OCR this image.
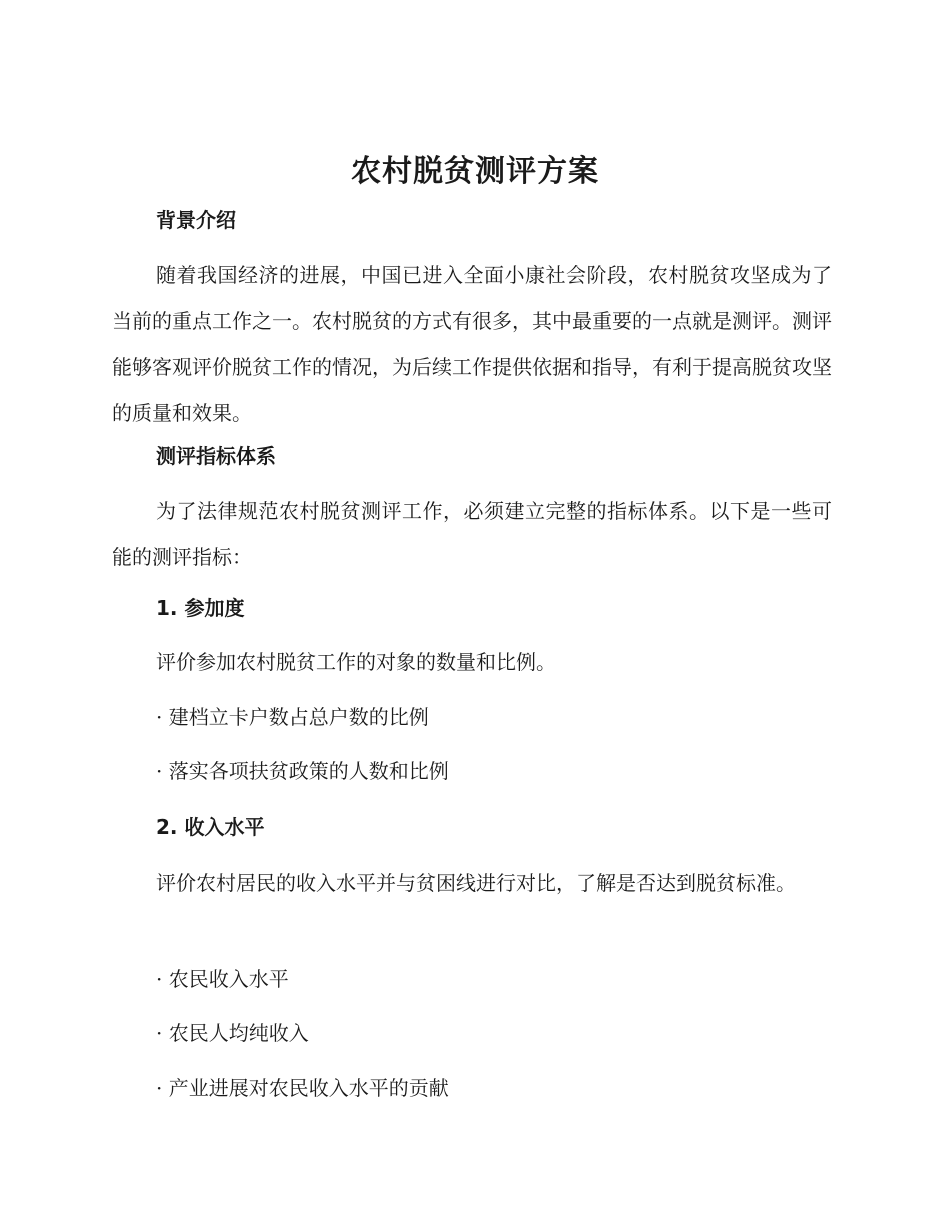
农村脱贫测评方案
背景介绍

随着我国经济的进展，中国已进入全面小康社会阶段，农村脱贫攻坚成为了当前的重点工作之一。农村脱贫的方式有很多，其中最重要的一点就是测评。测评能够客观评价脱贫工作的情况，为后续工作提供依据和指导，有利于提高脱贫攻坚的质量和效果。

测评指标体系

为了法律规范农村脱贫测评工作，必须建立完整的指标体系。以下是一些可能的测评指标：

1. 参加度

评价参加农村脱贫工作的对象的数量和比例。

· 建档立卡户数占总户数的比例

· 落实各项扶贫政策的人数和比例

2. 收入水平

评价农村居民的收入水平并与贫困线进行对比，了解是否达到脱贫标准。

· 农民收入水平

· 农民人均纯收入

· 产业进展对农民收入水平的贡献
